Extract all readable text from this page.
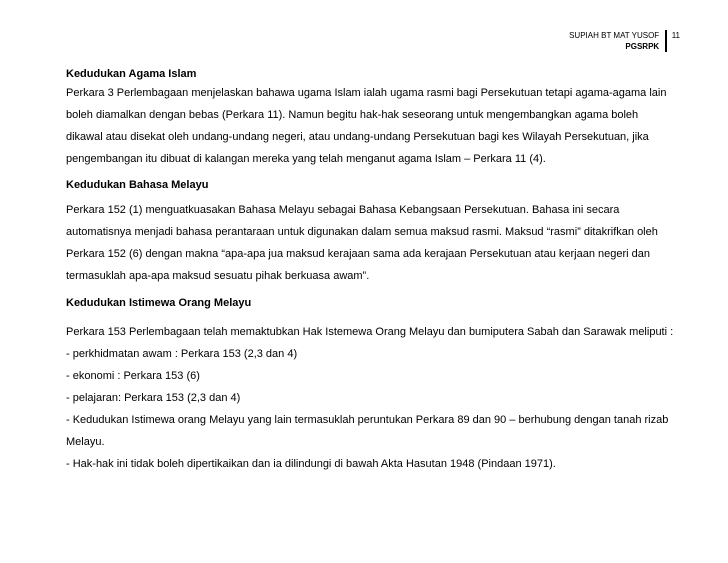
SUPIAH BT MAT YUSOF
PGSRPK
11

Kedudukan Agama Islam

Perkara 3 Perlembagaan menjelaskan bahawa ugama Islam ialah ugama rasmi bagi Persekutuan tetapi agama-agama lain boleh diamalkan dengan bebas (Perkara 11). Namun begitu hak-hak seseorang untuk mengembangkan agama boleh dikawal atau disekat oleh undang-undang negeri, atau undang-undang Persekutuan bagi kes Wilayah Persekutuan, jika pengembangan itu dibuat di kalangan mereka yang telah menganut agama Islam – Perkara 11 (4).

Kedudukan Bahasa Melayu

Perkara 152 (1) menguatkuasakan Bahasa Melayu sebagai Bahasa Kebangsaan Persekutuan. Bahasa ini secara automatisnya menjadi bahasa perantaraan untuk digunakan dalam semua maksud rasmi. Maksud “rasmi” ditakrifkan oleh Perkara 152 (6) dengan makna “apa-apa jua maksud kerajaan sama ada kerajaan Persekutuan atau kerjaan negeri dan termasuklah apa-apa maksud sesuatu pihak berkuasa awam”.

Kedudukan Istimewa Orang Melayu

Perkara 153 Perlembagaan telah memaktubkan Hak Istemewa Orang Melayu dan bumiputera Sabah dan Sarawak meliputi :

- perkhidmatan awam : Perkara 153 (2,3 dan 4)
- ekonomi : Perkara 153 (6)
- pelajaran: Perkara 153 (2,3 dan 4)
- Kedudukan Istimewa orang Melayu yang lain termasuklah peruntukan Perkara 89 dan 90 – berhubung dengan tanah rizab Melayu.
- Hak-hak ini tidak boleh dipertikaikan dan ia dilindungi di bawah Akta Hasutan 1948 (Pindaan 1971).
